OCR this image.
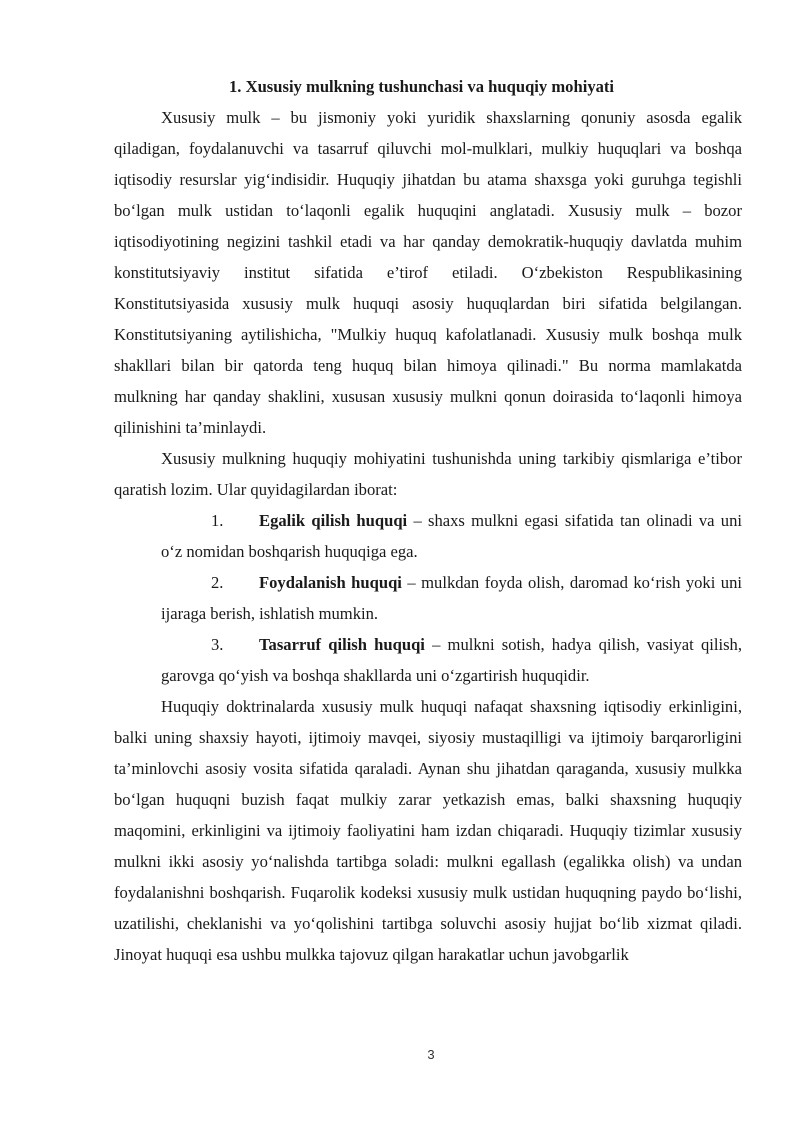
1. Xususiy mulkning tushunchasi va huquqiy mohiyati

Xususiy mulk – bu jismoniy yoki yuridik shaxslarning qonuniy asosda egalik qiladigan, foydalanuvchi va tasarruf qiluvchi mol-mulklari, mulkiy huquqlari va boshqa iqtisodiy resurslar yig‘indisidir. Huquqiy jihatdan bu atama shaxsga yoki guruhga tegishli bo‘lgan mulk ustidan to‘laqonli egalik huquqini anglatadi. Xususiy mulk – bozor iqtisodiyotining negizini tashkil etadi va har qanday demokratik-huquqiy davlatda muhim konstitutsiyaviy institut sifatida e’tirof etiladi. O‘zbekiston Respublikasining Konstitutsiyasida xususiy mulk huquqi asosiy huquqlardan biri sifatida belgilangan. Konstitutsiyaning aytilishicha, "Mulkiy huquq kafolatlanadi. Xususiy mulk boshqa mulk shakllari bilan bir qatorda teng huquq bilan himoya qilinadi." Bu norma mamlakatda mulkning har qanday shaklini, xususan xususiy mulkni qonun doirasida to‘laqonli himoya qilinishini ta’minlaydi.

Xususiy mulkning huquqiy mohiyatini tushunishda uning tarkibiy qismlariga e’tibor qaratish lozim. Ular quyidagilardan iborat:

1. Egalik qilish huquqi – shaxs mulkni egasi sifatida tan olinadi va uni o‘z nomidan boshqarish huquqiga ega.

2. Foydalanish huquqi – mulkdan foyda olish, daromad ko‘rish yoki uni ijaraga berish, ishlatish mumkin.

3. Tasarruf qilish huquqi – mulkni sotish, hadya qilish, vasiyat qilish, garovga qo‘yish va boshqa shakllarda uni o‘zgartirish huquqidir.

Huquqiy doktrinalarda xususiy mulk huquqi nafaqat shaxsning iqtisodiy erkinligini, balki uning shaxsiy hayoti, ijtimoiy mavqei, siyosiy mustaqilligi va ijtimoiy barqarorligini ta’minlovchi asosiy vosita sifatida qaraladi. Aynan shu jihatdan qaraganda, xususiy mulkka bo‘lgan huquqni buzish faqat mulkiy zarar yetkazish emas, balki shaxsning huquqiy maqomini, erkinligini va ijtimoiy faoliyatini ham izdan chiqaradi. Huquqiy tizimlar xususiy mulkni ikki asosiy yo‘nalishda tartibga soladi: mulkni egallash (egalikka olish) va undan foydalanishni boshqarish. Fuqarolik kodeksi xususiy mulk ustidan huquqning paydo bo‘lishi, uzatilishi, cheklanishi va yo‘qolishini tartibga soluvchi asosiy hujjat bo‘lib xizmat qiladi. Jinoyat huquqi esa ushbu mulkka tajovuz qilgan harakatlar uchun javobgarlik

3
